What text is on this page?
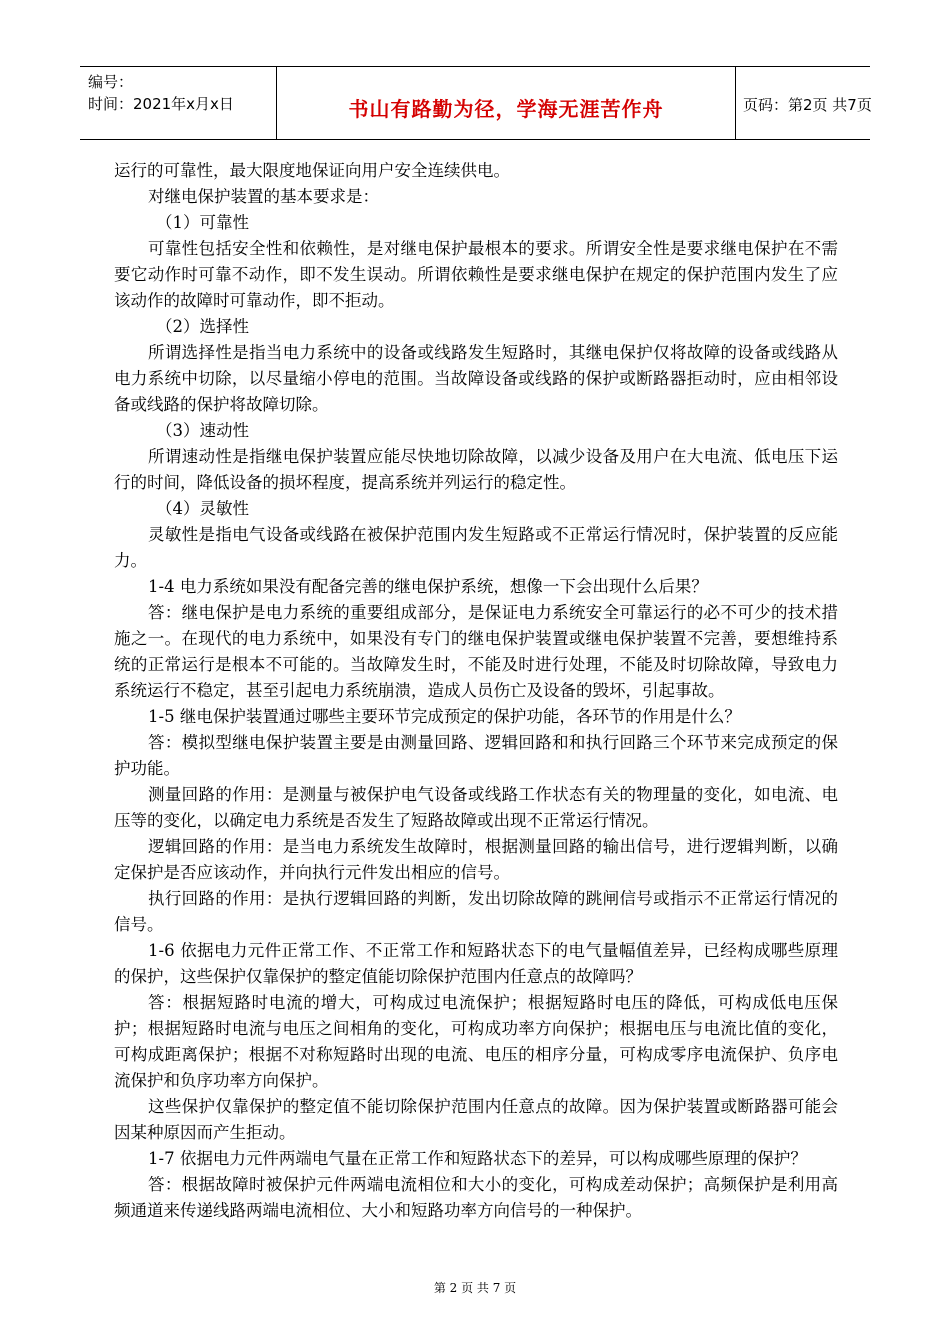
编号：
时间：2021年x月x日	书山有路勤为径，学海无涯苦作舟	页码：第2页 共7页

运行的可靠性，最大限度地保证向用户安全连续供电。

对继电保护装置的基本要求是：

（1）可靠性

可靠性包括安全性和依赖性，是对继电保护最根本的要求。所谓安全性是要求继电保护在不需要它动作时可靠不动作，即不发生误动。所谓依赖性是要求继电保护在规定的保护范围内发生了应该动作的故障时可靠动作，即不拒动。

（2）选择性

所谓选择性是指当电力系统中的设备或线路发生短路时，其继电保护仅将故障的设备或线路从电力系统中切除，以尽量缩小停电的范围。当故障设备或线路的保护或断路器拒动时，应由相邻设备或线路的保护将故障切除。

（3）速动性

所谓速动性是指继电保护装置应能尽快地切除故障，以减少设备及用户在大电流、低电压下运行的时间，降低设备的损坏程度，提高系统并列运行的稳定性。

（4）灵敏性

灵敏性是指电气设备或线路在被保护范围内发生短路或不正常运行情况时，保护装置的反应能力。

1-4 电力系统如果没有配备完善的继电保护系统，想像一下会出现什么后果？

答：继电保护是电力系统的重要组成部分，是保证电力系统安全可靠运行的必不可少的技术措施之一。在现代的电力系统中，如果没有专门的继电保护装置或继电保护装置不完善，要想维持系统的正常运行是根本不可能的。当故障发生时，不能及时进行处理，不能及时切除故障，导致电力系统运行不稳定，甚至引起电力系统崩溃，造成人员伤亡及设备的毁坏，引起事故。

1-5 继电保护装置通过哪些主要环节完成预定的保护功能，各环节的作用是什么？

答：模拟型继电保护装置主要是由测量回路、逻辑回路和和执行回路三个环节来完成预定的保护功能。

测量回路的作用：是测量与被保护电气设备或线路工作状态有关的物理量的变化，如电流、电压等的变化，以确定电力系统是否发生了短路故障或出现不正常运行情况。

逻辑回路的作用：是当电力系统发生故障时，根据测量回路的输出信号，进行逻辑判断，以确定保护是否应该动作，并向执行元件发出相应的信号。

执行回路的作用：是执行逻辑回路的判断，发出切除故障的跳闸信号或指示不正常运行情况的信号。

1-6 依据电力元件正常工作、不正常工作和短路状态下的电气量幅值差异，已经构成哪些原理的保护，这些保护仅靠保护的整定值能切除保护范围内任意点的故障吗？

答：根据短路时电流的增大，可构成过电流保护；根据短路时电压的降低，可构成低电压保护；根据短路时电流与电压之间相角的变化，可构成功率方向保护；根据电压与电流比值的变化，可构成距离保护；根据不对称短路时出现的电流、电压的相序分量，可构成零序电流保护、负序电流保护和负序功率方向保护。

这些保护仅靠保护的整定值不能切除保护范围内任意点的故障。因为保护装置或断路器可能会因某种原因而产生拒动。

1-7 依据电力元件两端电气量在正常工作和短路状态下的差异，可以构成哪些原理的保护？

答：根据故障时被保护元件两端电流相位和大小的变化，可构成差动保护；高频保护是利用高频通道来传递线路两端电流相位、大小和短路功率方向信号的一种保护。

第 2 页 共 7 页
